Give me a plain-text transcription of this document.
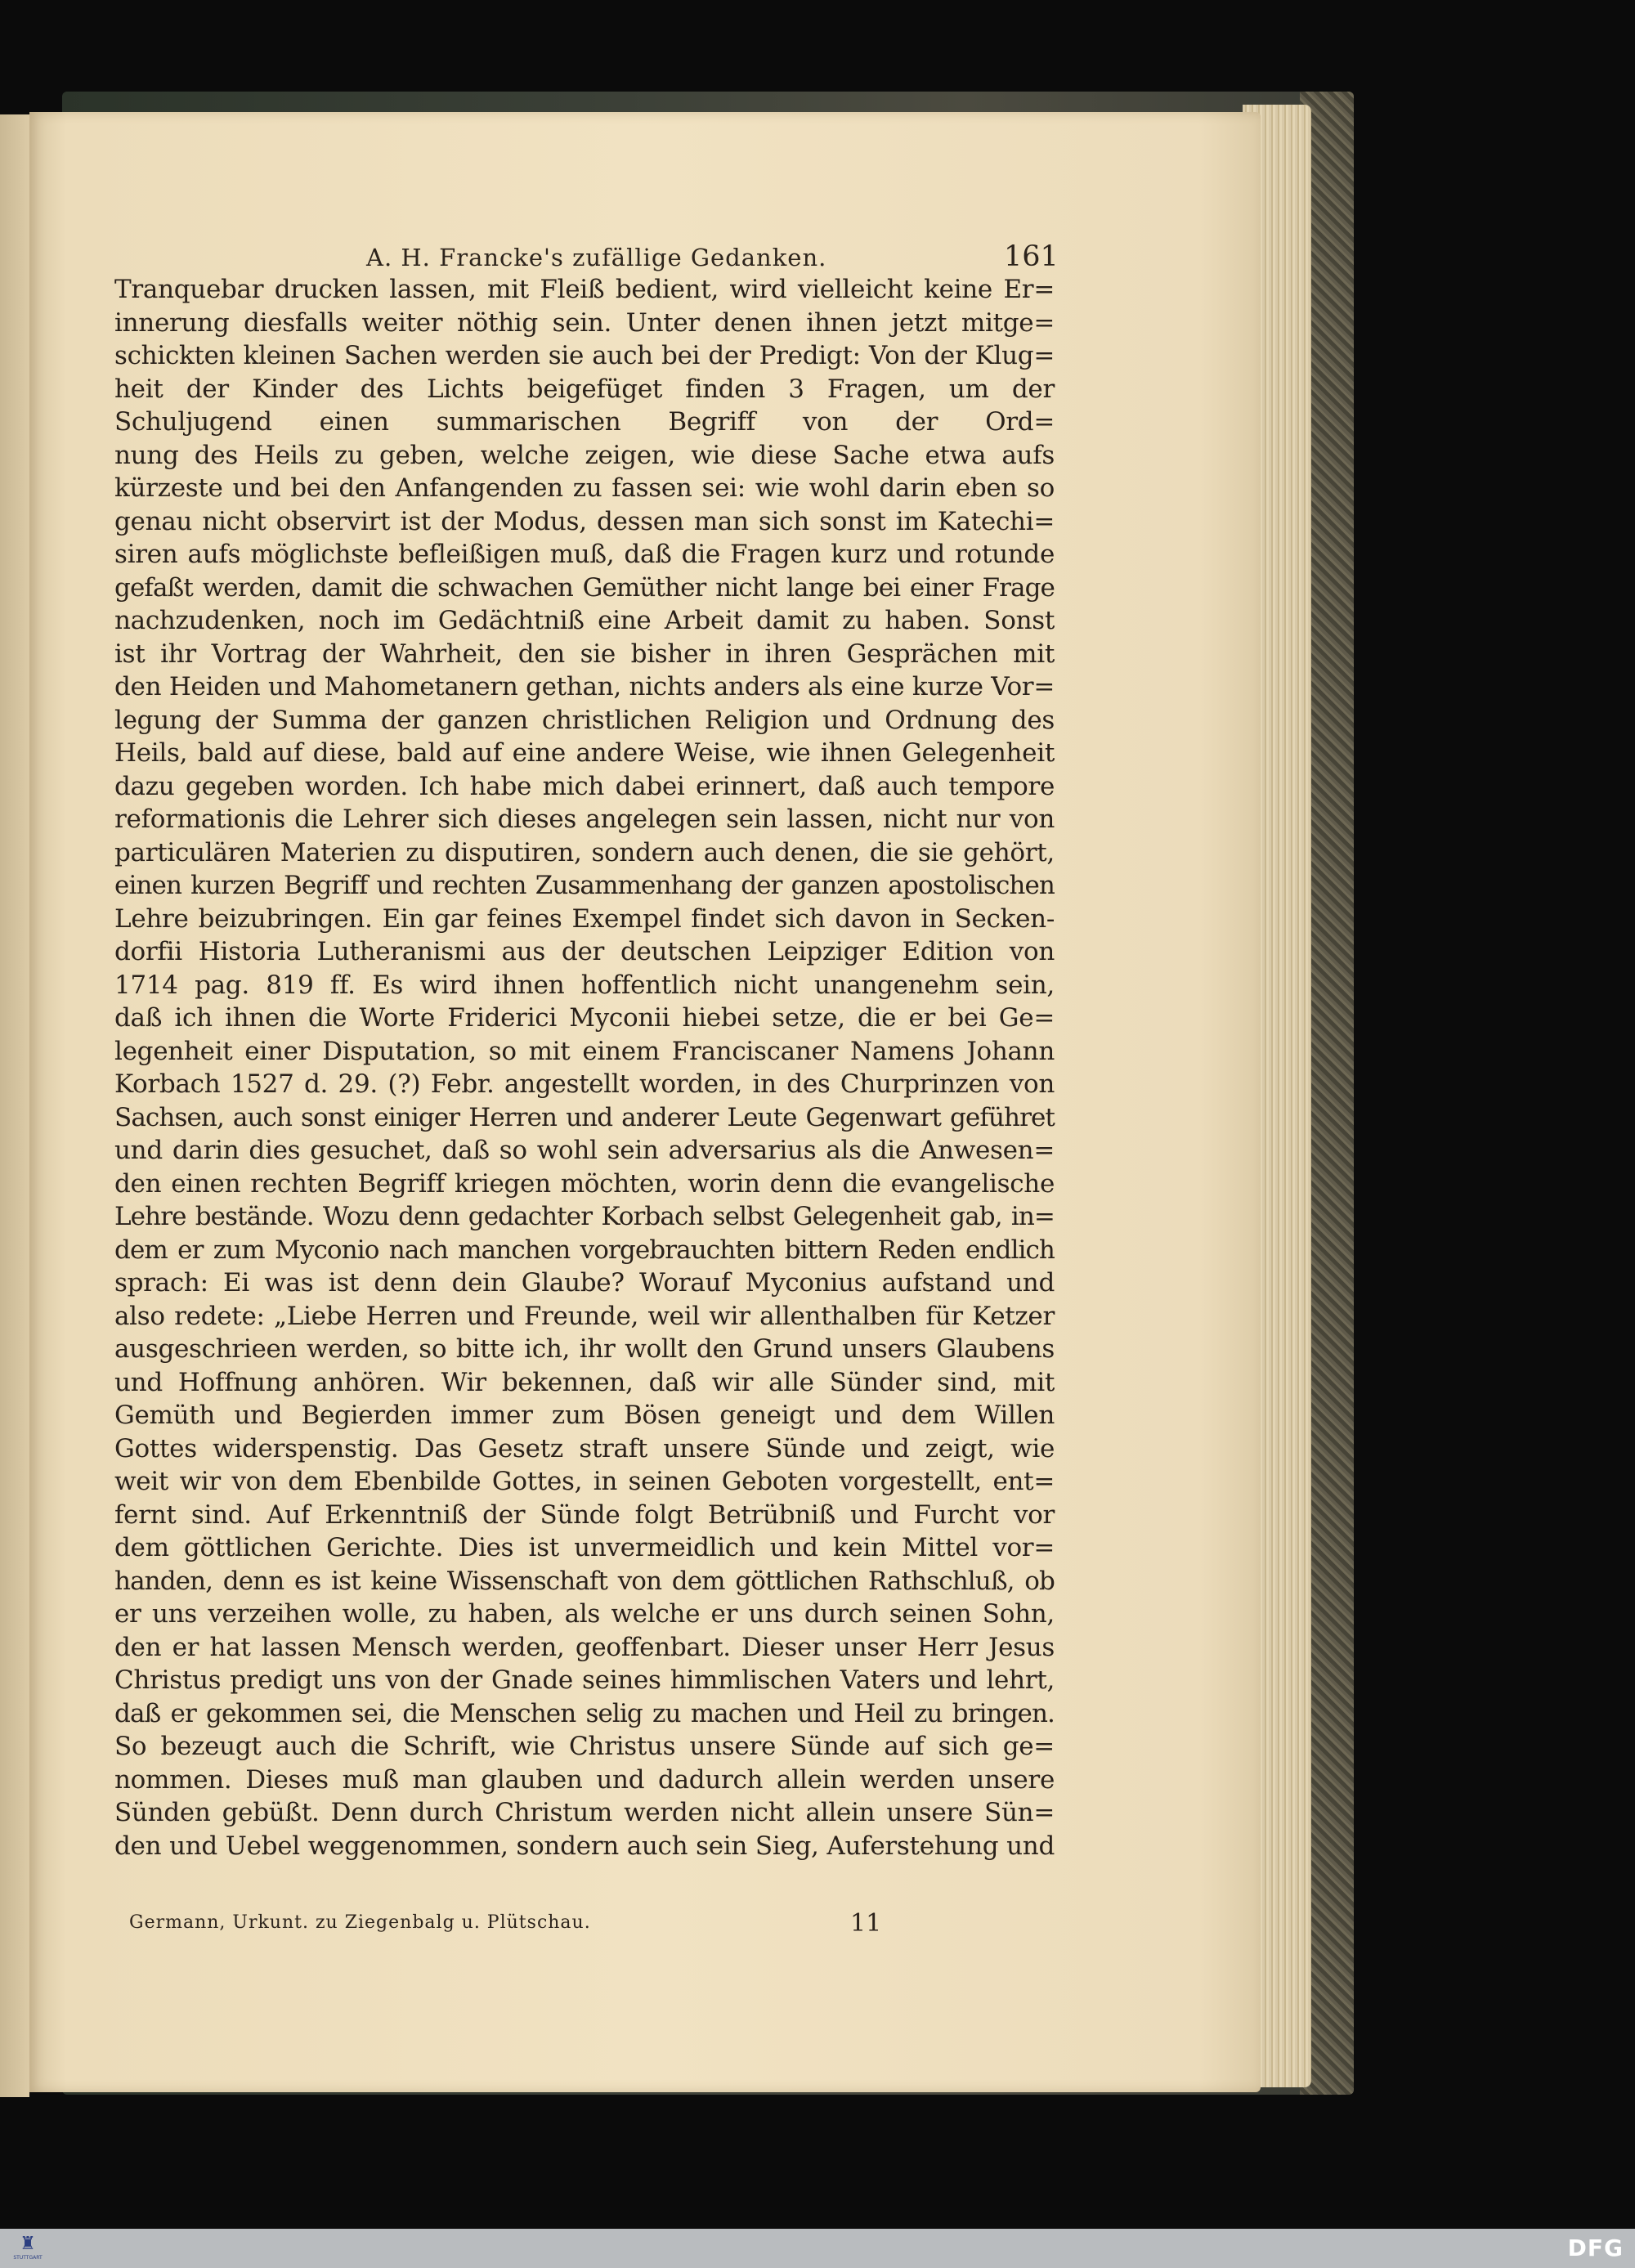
A. H. Francke's zufällige Gedanken.	161
Tranquebar drucken lassen, mit Fleiß bedient, wird vielleicht keine Er=
innerung diesfalls weiter nöthig sein. Unter denen ihnen jetzt mitge=
schickten kleinen Sachen werden sie auch bei der Predigt: Von der Klug=
heit der Kinder des Lichts beigefüget finden 3 Fragen, um der
Schuljugend einen summarischen Begriff von der Ord=
nung des Heils zu geben, welche zeigen, wie diese Sache etwa aufs
kürzeste und bei den Anfangenden zu fassen sei: wie wohl darin eben so
genau nicht observirt ist der Modus, dessen man sich sonst im Katechi=
siren aufs möglichste befleißigen muß, daß die Fragen kurz und rotunde
gefaßt werden, damit die schwachen Gemüther nicht lange bei einer Frage
nachzudenken, noch im Gedächtniß eine Arbeit damit zu haben. Sonst
ist ihr Vortrag der Wahrheit, den sie bisher in ihren Gesprächen mit
den Heiden und Mahometanern gethan, nichts anders als eine kurze Vor=
legung der Summa der ganzen christlichen Religion und Ordnung des
Heils, bald auf diese, bald auf eine andere Weise, wie ihnen Gelegenheit
dazu gegeben worden. Ich habe mich dabei erinnert, daß auch tempore
reformationis die Lehrer sich dieses angelegen sein lassen, nicht nur von
particulären Materien zu disputiren, sondern auch denen, die sie gehört,
einen kurzen Begriff und rechten Zusammenhang der ganzen apostolischen
Lehre beizubringen. Ein gar feines Exempel findet sich davon in Secken-
dorfii Historia Lutheranismi aus der deutschen Leipziger Edition von
1714 pag. 819 ff. Es wird ihnen hoffentlich nicht unangenehm sein,
daß ich ihnen die Worte Friderici Myconii hiebei setze, die er bei Ge=
legenheit einer Disputation, so mit einem Franciscaner Namens Johann
Korbach 1527 d. 29. (?) Febr. angestellt worden, in des Churprinzen von
Sachsen, auch sonst einiger Herren und anderer Leute Gegenwart geführet
und darin dies gesuchet, daß so wohl sein adversarius als die Anwesen=
den einen rechten Begriff kriegen möchten, worin denn die evangelische
Lehre bestände. Wozu denn gedachter Korbach selbst Gelegenheit gab, in=
dem er zum Myconio nach manchen vorgebrauchten bittern Reden endlich
sprach: Ei was ist denn dein Glaube? Worauf Myconius aufstand und
also redete: „Liebe Herren und Freunde, weil wir allenthalben für Ketzer
ausgeschrieen werden, so bitte ich, ihr wollt den Grund unsers Glaubens
und Hoffnung anhören. Wir bekennen, daß wir alle Sünder sind, mit
Gemüth und Begierden immer zum Bösen geneigt und dem Willen
Gottes widerspenstig. Das Gesetz straft unsere Sünde und zeigt, wie
weit wir von dem Ebenbilde Gottes, in seinen Geboten vorgestellt, ent=
fernt sind. Auf Erkenntniß der Sünde folgt Betrübniß und Furcht vor
dem göttlichen Gerichte. Dies ist unvermeidlich und kein Mittel vor=
handen, denn es ist keine Wissenschaft von dem göttlichen Rathschluß, ob
er uns verzeihen wolle, zu haben, als welche er uns durch seinen Sohn,
den er hat lassen Mensch werden, geoffenbart. Dieser unser Herr Jesus
Christus predigt uns von der Gnade seines himmlischen Vaters und lehrt,
daß er gekommen sei, die Menschen selig zu machen und Heil zu bringen.
So bezeugt auch die Schrift, wie Christus unsere Sünde auf sich ge=
nommen. Dieses muß man glauben und dadurch allein werden unsere
Sünden gebüßt. Denn durch Christum werden nicht allein unsere Sün=
den und Uebel weggenommen, sondern auch sein Sieg, Auferstehung und
Germann, Urkunt. zu Ziegenbalg u. Plütschau.	11
♜
STUTTGART	DFG
